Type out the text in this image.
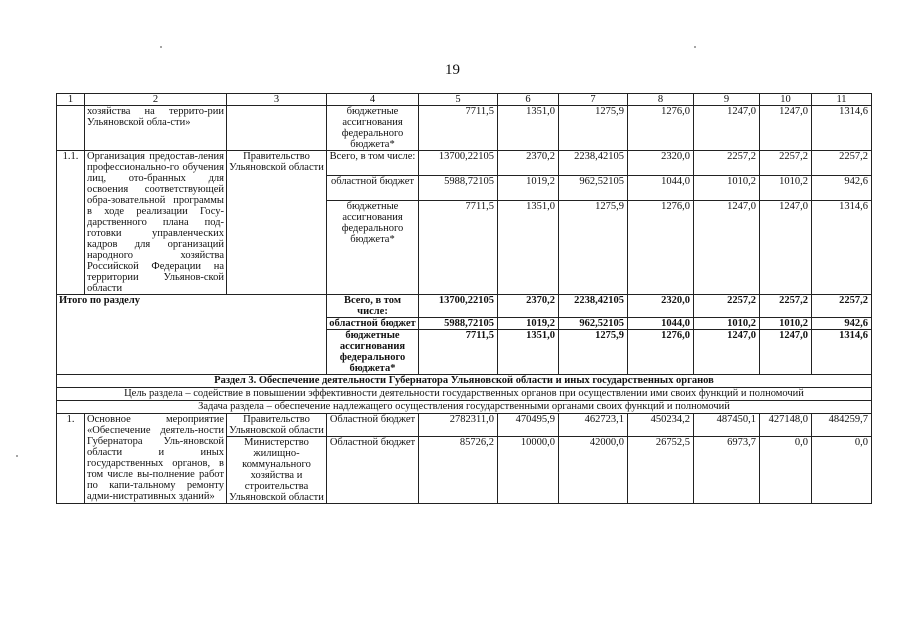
19
1	2	3	4	5	6	7	8	9	10	11
	хозяйства на террито-рии Ульяновской обла-сти»		бюджетные ассигнования федерального бюджета*	7711,5	1351,0	1275,9	1276,0	1247,0	1247,0	1314,6
1.1.	Организация предостав-ления профессионально-го обучения лиц, ото-бранных для освоения соответствующей обра-зовательной программы в ходе реализации Госу-дарственного плана под-готовки управленческих кадров для организаций народного хозяйства Российской Федерации на территории Ульянов-ской области	Правительство Ульяновской области	Всего, в том числе:	13700,22105	2370,2	2238,42105	2320,0	2257,2	2257,2	2257,2
			областной бюджет	5988,72105	1019,2	962,52105	1044,0	1010,2	1010,2	942,6
			бюджетные ассигнования федерального бюджета*	7711,5	1351,0	1275,9	1276,0	1247,0	1247,0	1314,6
Итого по разделу			Всего, в том числе:	13700,22105	2370,2	2238,42105	2320,0	2257,2	2257,2	2257,2
			областной бюджет	5988,72105	1019,2	962,52105	1044,0	1010,2	1010,2	942,6
			бюджетные ассигнования федерального бюджета*	7711,5	1351,0	1275,9	1276,0	1247,0	1247,0	1314,6
Раздел 3. Обеспечение деятельности Губернатора Ульяновской области и иных государственных органов										
Цель раздела – содействие в повышении эффективности деятельности государственных органов при осуществлении ими своих функций и полномочий										
Задача раздела – обеспечение надлежащего осуществления государственными органами своих функций и полномочий										
1.	Основное мероприятие «Обеспечение деятель-ности Губернатора Уль-яновской области и иных государственных органов, в том числе вы-полнение работ по капи-тальному ремонту адми-нистративных зданий»	Правительство Ульяновской области	Областной бюджет	2782311,0	470495,9	462723,1	450234,2	487450,1	427148,0	484259,7
		Министерство жилищно-коммунального хозяйства и строительства Ульяновской области	Областной бюджет	85726,2	10000,0	42000,0	26752,5	6973,7	0,0	0,0
